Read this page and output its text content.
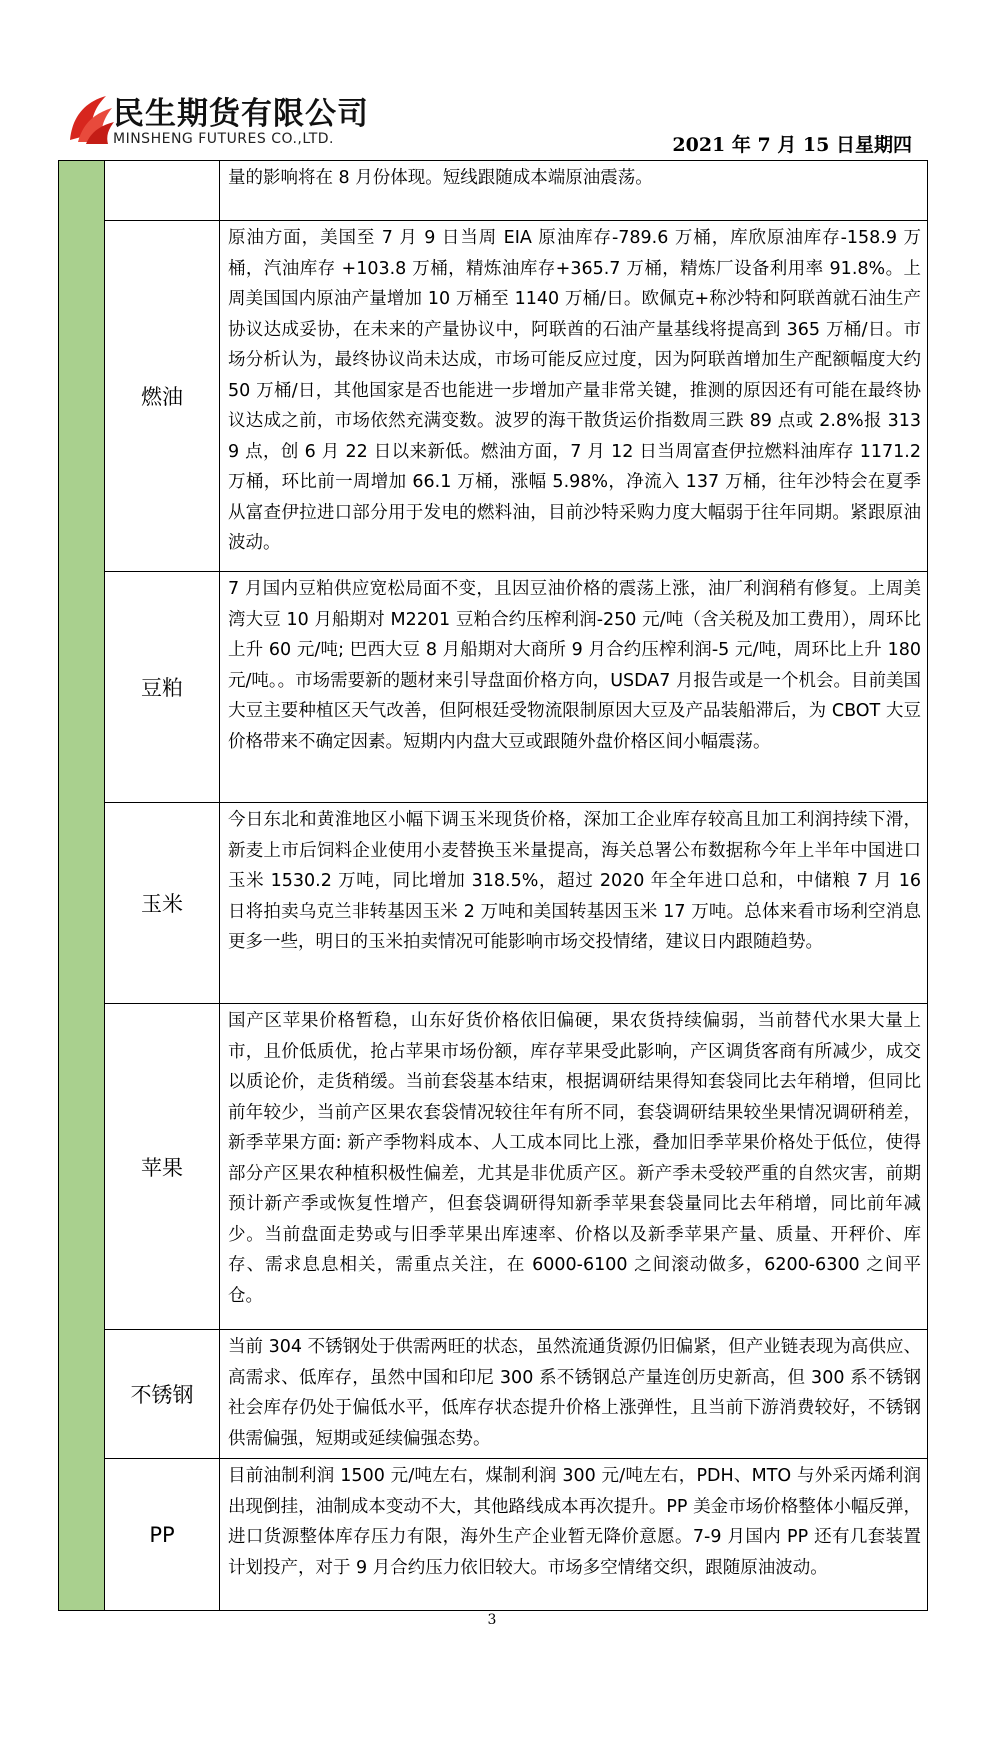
民生期货有限公司
MINSHENG FUTURES CO.,LTD.	2021 年 7 月 15 日星期四
		量的影响将在 8 月份体现。短线跟随成本端原油震荡。
	燃油	原油方面，美国至 7 月 9 日当周 EIA 原油库存-789.6 万桶，库欣原油库存-158.9 万桶，汽油库存 +103.8 万桶，精炼油库存+365.7 万桶，精炼厂设备利用率 91.8%。上周美国国内原油产量增加 10 万桶至 1140 万桶/日。欧佩克+称沙特和阿联酋就石油生产协议达成妥协，在未来的产量协议中，阿联酋的石油产量基线将提高到 365 万桶/日。市场分析认为，最终协议尚未达成，市场可能反应过度，因为阿联酋增加生产配额幅度大约 50 万桶/日，其他国家是否也能进一步增加产量非常关键，推测的原因还有可能在最终协议达成之前，市场依然充满变数。波罗的海干散货运价指数周三跌 89 点或 2.8%报 3139 点，创 6 月 22 日以来新低。燃油方面，7 月 12 日当周富查伊拉燃料油库存 1171.2 万桶，环比前一周增加 66.1 万桶，涨幅 5.98%，净流入 137 万桶，往年沙特会在夏季从富查伊拉进口部分用于发电的燃料油，目前沙特采购力度大幅弱于往年同期。紧跟原油波动。
	豆粕	7 月国内豆粕供应宽松局面不变，且因豆油价格的震荡上涨，油厂利润稍有修复。上周美湾大豆 10 月船期对 M2201 豆粕合约压榨利润-250 元/吨（含关税及加工费用），周环比上升 60 元/吨; 巴西大豆 8 月船期对大商所 9 月合约压榨利润-5 元/吨，周环比上升 180 元/吨。。市场需要新的题材来引导盘面价格方向，USDA7 月报告或是一个机会。目前美国大豆主要种植区天气改善，但阿根廷受物流限制原因大豆及产品装船滞后，为 CBOT 大豆价格带来不确定因素。短期内内盘大豆或跟随外盘价格区间小幅震荡。
	玉米	今日东北和黄淮地区小幅下调玉米现货价格，深加工企业库存较高且加工利润持续下滑，新麦上市后饲料企业使用小麦替换玉米量提高，海关总署公布数据称今年上半年中国进口玉米 1530.2 万吨，同比增加 318.5%，超过 2020 年全年进口总和，中储粮 7 月 16 日将拍卖乌克兰非转基因玉米 2 万吨和美国转基因玉米 17 万吨。总体来看市场利空消息更多一些，明日的玉米拍卖情况可能影响市场交投情绪，建议日内跟随趋势。
	苹果	国产区苹果价格暂稳，山东好货价格依旧偏硬，果农货持续偏弱，当前替代水果大量上市，且价低质优，抢占苹果市场份额，库存苹果受此影响，产区调货客商有所减少，成交以质论价，走货稍缓。当前套袋基本结束，根据调研结果得知套袋同比去年稍增，但同比前年较少，当前产区果农套袋情况较往年有所不同，套袋调研结果较坐果情况调研稍差，新季苹果方面: 新产季物料成本、人工成本同比上涨，叠加旧季苹果价格处于低位，使得部分产区果农种植积极性偏差，尤其是非优质产区。新产季未受较严重的自然灾害，前期预计新产季或恢复性增产，但套袋调研得知新季苹果套袋量同比去年稍增，同比前年减少。当前盘面走势或与旧季苹果出库速率、价格以及新季苹果产量、质量、开秤价、库存、需求息息相关，需重点关注，在 6000-6100 之间滚动做多，6200-6300 之间平仓。
	不锈钢	当前 304 不锈钢处于供需两旺的状态，虽然流通货源仍旧偏紧，但产业链表现为高供应、高需求、低库存，虽然中国和印尼 300 系不锈钢总产量连创历史新高，但 300 系不锈钢社会库存仍处于偏低水平，低库存状态提升价格上涨弹性，且当前下游消费较好，不锈钢供需偏强，短期或延续偏强态势。
	PP	目前油制利润 1500 元/吨左右，煤制利润 300 元/吨左右，PDH、MTO 与外采丙烯利润出现倒挂，油制成本变动不大，其他路线成本再次提升。PP 美金市场价格整体小幅反弹，进口货源整体库存压力有限，海外生产企业暂无降价意愿。7-9 月国内 PP 还有几套装置计划投产，对于 9 月合约压力依旧较大。市场多空情绪交织，跟随原油波动。
3
